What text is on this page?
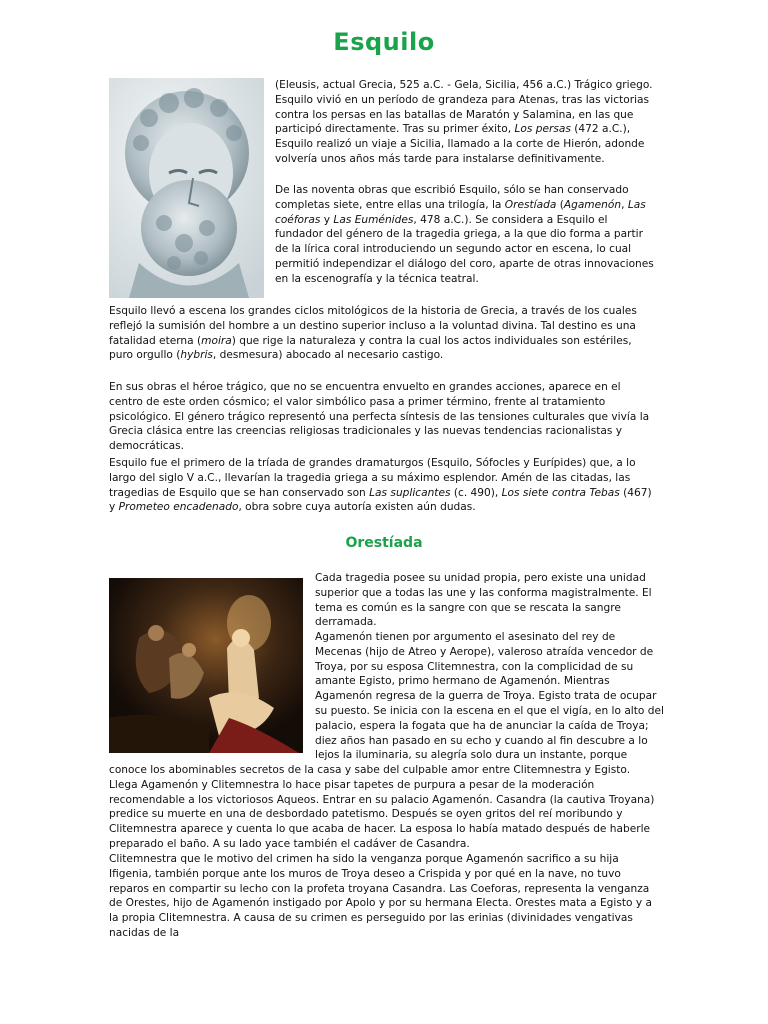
Esquilo

(Eleusis, actual Grecia, 525 a.C. - Gela, Sicilia, 456 a.C.) Trágico griego. Esquilo vivió en un período de grandeza para Atenas, tras las victorias contra los persas en las batallas de Maratón y Salamina, en las que participó directamente. Tras su primer éxito, Los persas (472 a.C.), Esquilo realizó un viaje a Sicilia, llamado a la corte de Hierón, adonde volvería unos años más tarde para instalarse definitivamente.

De las noventa obras que escribió Esquilo, sólo se han conservado completas siete, entre ellas una trilogía, la Orestíada (Agamenón, Las coéforas y Las Euménides, 478 a.C.). Se considera a Esquilo el fundador del género de la tragedia griega, a la que dio forma a partir de la lírica coral introduciendo un segundo actor en escena, lo cual permitió independizar el diálogo del coro, aparte de otras innovaciones en la escenografía y la técnica teatral.

Esquilo llevó a escena los grandes ciclos mitológicos de la historia de Grecia, a través de los cuales reflejó la sumisión del hombre a un destino superior incluso a la voluntad divina. Tal destino es una fatalidad eterna (moira) que rige la naturaleza y contra la cual los actos individuales son estériles, puro orgullo (hybris, desmesura) abocado al necesario castigo.

En sus obras el héroe trágico, que no se encuentra envuelto en grandes acciones, aparece en el centro de este orden cósmico; el valor simbólico pasa a primer término, frente al tratamiento psicológico. El género trágico representó una perfecta síntesis de las tensiones culturales que vivía la Grecia clásica entre las creencias religiosas tradicionales y las nuevas tendencias racionalistas y democráticas.

Esquilo fue el primero de la tríada de grandes dramaturgos (Esquilo, Sófocles y Eurípides) que, a lo largo del siglo V a.C., llevarían la tragedia griega a su máximo esplendor. Amén de las citadas, las tragedias de Esquilo que se han conservado son Las suplicantes (c. 490), Los siete contra Tebas (467) y Prometeo encadenado, obra sobre cuya autoría existen aún dudas.

Orestíada

Cada tragedia posee su unidad propia, pero existe una unidad superior que a todas las une y las conforma magistralmente. El tema es común es la sangre con que se rescata la sangre derramada.

Agamenón tienen por argumento el asesinato del rey de
Mecenas (hijo de Atreo y Aerope), valeroso atraída vencedor de
Troya, por su esposa Clitemnestra, con la complicidad de su
amante Egisto, primo hermano de Agamenón. Mientras
Agamenón regresa de la guerra de Troya. Egisto trata de ocupar
su puesto. Se inicia con la escena en el que el vigía, en lo alto del
palacio, espera la fogata que ha de anunciar la caída de Troya;
diez años han pasado en su echo y cuando al fin descubre a lo
lejos la iluminaria, su alegría solo dura un instante, porque

conoce los abominables secretos de la casa y sabe del culpable amor entre Clitemnestra y Egisto. Llega Agamenón y Clitemnestra lo hace pisar tapetes de purpura a pesar de la moderación recomendable a los victoriosos Aqueos. Entrar en su palacio Agamenón. Casandra (la cautiva Troyana) predice su muerte en una de desbordado patetismo. Después se oyen gritos del reí moribundo y Clitemnestra aparece y cuenta lo que acaba de hacer. La esposa lo había matado después de haberle preparado el baño. A su lado yace también el cadáver de Casandra.

Clitemnestra que le motivo del crimen ha sido la venganza porque Agamenón sacrifico a su hija Ifigenia, también porque ante los muros de Troya deseo a Crispida y por qué en la nave, no tuvo reparos en compartir su lecho con la profeta troyana Casandra. Las Coeforas, representa la venganza de Orestes, hijo de Agamenón instigado por Apolo y por su hermana Electa. Orestes mata a Egisto y a la propia Clitemnestra. A causa de su crimen es perseguido por las erinias (divinidades vengativas nacidas de la
